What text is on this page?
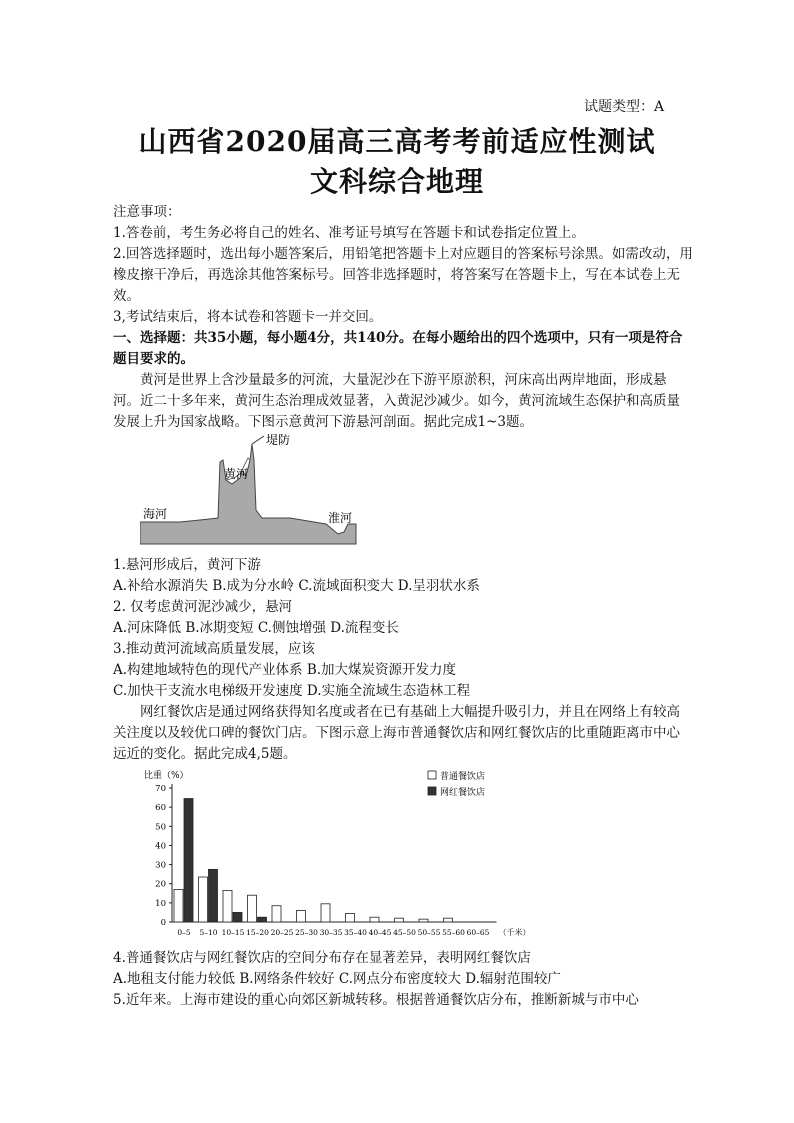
试题类型：A
山西省2020届高三高考考前适应性测试
文科综合地理
注意事项：
1.答卷前，考生务必将自己的姓名、准考证号填写在答题卡和试卷指定位置上。
2.回答选择题时，选出每小题答案后，用铅笔把答题卡上对应题目的答案标号涂黑。如需改动，用橡皮擦干净后，再选涂其他答案标号。回答非选择题时，将答案写在答题卡上，写在本试卷上无效。
3,考试结束后，将本试卷和答题卡一并交回。
一、选择题：共35小题，每小题4分，共140分。在每小题给出的四个选项中，只有一项是符合题目要求的。
黄河是世界上含沙量最多的河流，大量泥沙在下游平原淤积，河床高出两岸地面，形成悬河。近二十多年来，黄河生态治理成效显著，入黄泥沙减少。如今，黄河流域生态保护和高质量发展上升为国家战略。下图示意黄河下游悬河剖面。据此完成1~3题。
堤防
黄河
海河	淮河
1.悬河形成后，黄河下游
A.补给水源消失 B.成为分水岭 C.流域面积变大 D.呈羽状水系
2. 仅考虑黄河泥沙减少，悬河
A.河床降低 B.冰期变短 C.侧蚀增强 D.流程变长
3.推动黄河流域高质量发展，应该
A.构建地域特色的现代产业体系 B.加大煤炭资源开发力度
C.加快干支流水电梯级开发速度 D.实施全流域生态造林工程
网红餐饮店是通过网络获得知名度或者在已有基础上大幅提升吸引力，并且在网络上有较高关注度以及较优口碑的餐饮门店。下图示意上海市普通餐饮店和网红餐饮店的比重随距离市中心远近的变化。据此完成4,5题。
比重（%）
0
10
20
30
40
50
60
70
0–5 5–10 10–15 15–20 20–25 25–30 30–35 35–40 40–45 45–50 50–55 55–60 60–65 （千米）
普通餐饮店
网红餐饮店
4.普通餐饮店与网红餐饮店的空间分布存在显著差异，表明网红餐饮店
A.地租支付能力较低 B.网络条件较好 C.网点分布密度较大 D.辐射范围较广
5.近年来。上海市建设的重心向郊区新城转移。根据普通餐饮店分布，推断新城与市中心
